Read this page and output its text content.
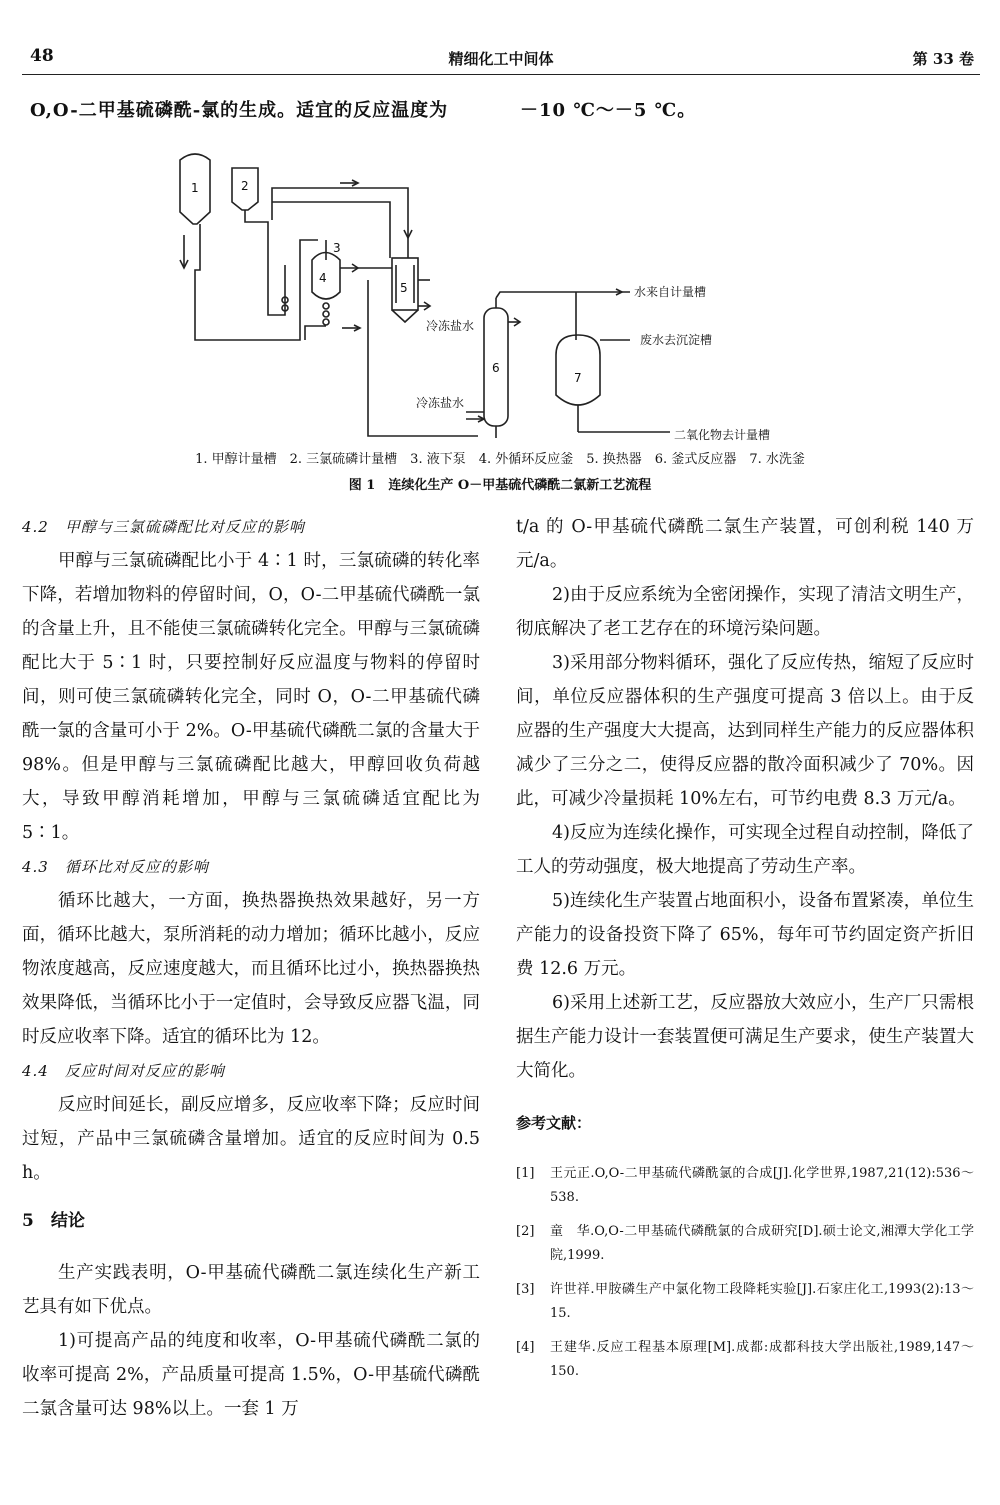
48	精细化工中间体	第 33 卷
O,O-二甲基硫磷酰-氯的生成。适宜的反应温度为	－10 ℃～－5 ℃。
1	2
3
4
5
6
7
冷冻盐水
冷冻盐水
水来自计量槽
废水去沉淀槽
二氧化物去计量槽
1. 甲醇计量槽　2. 三氯硫磷计量槽　3. 液下泵　4. 外循环反应釜　5. 换热器　6. 釜式反应器　7. 水洗釜
图 1　连续化生产 O－甲基硫代磷酰二氯新工艺流程

4.2　甲醇与三氯硫磷配比对反应的影响

甲醇与三氯硫磷配比小于 4∶1 时，三氯硫磷的转化率下降，若增加物料的停留时间，O，O-二甲基硫代磷酰一氯的含量上升，且不能使三氯硫磷转化完全。甲醇与三氯硫磷配比大于 5∶1 时，只要控制好反应温度与物料的停留时间，则可使三氯硫磷转化完全，同时 O，O-二甲基硫代磷酰一氯的含量可小于 2%。O-甲基硫代磷酰二氯的含量大于 98%。但是甲醇与三氯硫磷配比越大，甲醇回收负荷越大，导致甲醇消耗增加，甲醇与三氯硫磷适宜配比为 5∶1。

4.3　循环比对反应的影响

循环比越大，一方面，换热器换热效果越好，另一方面，循环比越大，泵所消耗的动力增加；循环比越小，反应物浓度越高，反应速度越大，而且循环比过小，换热器换热效果降低，当循环比小于一定值时，会导致反应器飞温，同时反应收率下降。适宜的循环比为 12。

4.4　反应时间对反应的影响

反应时间延长，副反应增多，反应收率下降；反应时间过短，产品中三氯硫磷含量增加。适宜的反应时间为 0.5 h。

5　结论

生产实践表明，O-甲基硫代磷酰二氯连续化生产新工艺具有如下优点。

1)可提高产品的纯度和收率，O-甲基硫代磷酰二氯的收率可提高 2%，产品质量可提高 1.5%，O-甲基硫代磷酰二氯含量可达 98%以上。一套 1 万

t/a 的 O-甲基硫代磷酰二氯生产装置，可创利税 140 万元/a。

2)由于反应系统为全密闭操作，实现了清洁文明生产，彻底解决了老工艺存在的环境污染问题。

3)采用部分物料循环，强化了反应传热，缩短了反应时间，单位反应器体积的生产强度可提高 3 倍以上。由于反应器的生产强度大大提高，达到同样生产能力的反应器体积减少了三分之二，使得反应器的散冷面积减少了 70%。因此，可减少冷量损耗 10%左右，可节约电费 8.3 万元/a。

4)反应为连续化操作，可实现全过程自动控制，降低了工人的劳动强度，极大地提高了劳动生产率。

5)连续化生产装置占地面积小，设备布置紧凑，单位生产能力的设备投资下降了 65%，每年可节约固定资产折旧费 12.6 万元。

6)采用上述新工艺，反应器放大效应小，生产厂只需根据生产能力设计一套装置便可满足生产要求，使生产装置大大简化。

参考文献：
[1]	王元正.O,O-二甲基硫代磷酰氯的合成[J].化学世界,1987,21(12):536～538.
[2]	童　华.O,O-二甲基硫代磷酰氯的合成研究[D].硕士论文,湘潭大学化工学院,1999.
[3]	许世祥.甲胺磷生产中氯化物工段降耗实验[J].石家庄化工,1993(2):13～15.
[4]	王建华.反应工程基本原理[M].成都:成都科技大学出版社,1989,147～150.
